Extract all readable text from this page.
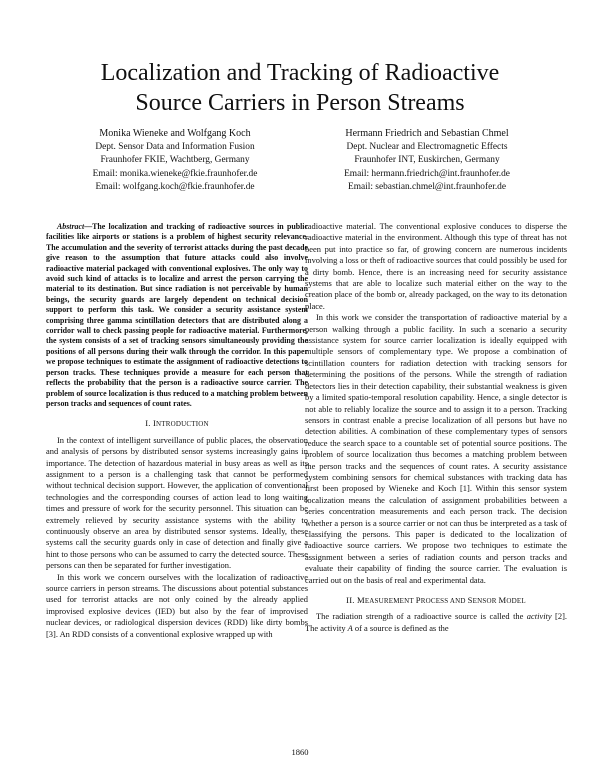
Localization and Tracking of Radioactive
Source Carriers in Person Streams
Monika Wieneke and Wolfgang Koch
Dept. Sensor Data and Information Fusion
Fraunhofer FKIE, Wachtberg, Germany
Email: monika.wieneke@fkie.fraunhofer.de
Email: wolfgang.koch@fkie.fraunhofer.de
Hermann Friedrich and Sebastian Chmel
Dept. Nuclear and Electromagnetic Effects
Fraunhofer INT, Euskirchen, Germany
Email: hermann.friedrich@int.fraunhofer.de
Email: sebastian.chmel@int.fraunhofer.de

Abstract—The localization and tracking of radioactive sources in public facilities like airports or stations is a problem of highest security relevance. The accumulation and the severity of terrorist attacks during the past decade give reason to the assumption that future attacks could also involve radioactive material packaged with conventional explosives. The only way to avoid such kind of attacks is to localize and arrest the person carrying the material to its destination. But since radiation is not perceivable by human beings, the security guards are largely dependent on technical decision support to perform this task. We consider a security assistance system comprising three gamma scintillation detectors that are distributed along a corridor wall to check passing people for radioactive material. Furthermore, the system consists of a set of tracking sensors simultaneously providing the positions of all persons during their walk through the corridor. In this paper we propose techniques to estimate the assignment of radioactive detections to person tracks. These techniques provide a measure for each person that reflects the probability that the person is a radioactive source carrier. The problem of source localization is thus reduced to a matching problem between person tracks and sequences of count rates.

I. INTRODUCTION

In the context of intelligent surveillance of public places, the observation and analysis of persons by distributed sensor systems increasingly gains in importance. The detection of hazardous material in busy areas as well as its assignment to a person is a challenging task that cannot be performed without technical decision support. However, the application of conventional technologies and the corresponding courses of action lead to long waiting times and pressure of work for the security personnel. This situation can be extremely relieved by security assistance systems with the ability to continuously observe an area by distributed sensor systems. Ideally, these systems call the security guards only in case of detection and finally give a hint to those persons who can be assumed to carry the detected source. These persons can then be separated for further investigation.

In this work we concern ourselves with the localization of radioactive source carriers in person streams. The discussions about potential substances used for terrorist attacks are not only coined by the already applied improvised explosive devices (IED) but also by the fear of improvised nuclear devices, or radiological dispersion devices (RDD) like dirty bombs [3]. An RDD consists of a conventional explosive wrapped up with

radioactive material. The conventional explosive conduces to disperse the radioactive material in the environment. Although this type of threat has not been put into practice so far, of growing concern are numerous incidents involving a loss or theft of radioactive sources that could possibly be used for a dirty bomb. Hence, there is an increasing need for security assistance systems that are able to localize such material either on the way to the creation place of the bomb or, already packaged, on the way to its detonation place.

In this work we consider the transportation of radioactive material by a person walking through a public facility. In such a scenario a security assistance system for source carrier localization is ideally equipped with multiple sensors of complementary type. We propose a combination of scintillation counters for radiation detection with tracking sensors for determining the positions of the persons. While the strength of radiation detectors lies in their detection capability, their substantial weakness is given by a limited spatio-temporal resolution capability. Hence, a single detector is not able to reliably localize the source and to assign it to a person. Tracking sensors in contrast enable a precise localization of all persons but have no detection abilities. A combination of these complementary types of sensors reduce the search space to a countable set of potential source positions. The problem of source localization thus becomes a matching problem between the person tracks and the sequences of count rates. A security assistance system combining sensors for chemical substances with tracking data has first been proposed by Wieneke and Koch [1]. Within this sensor system localization means the calculation of assignment probabilities between a series concentration measurements and each person track. The decision whether a person is a source carrier or not can thus be interpreted as a task of classifying the persons. This paper is dedicated to the localization of radioactive source carriers. We propose two techniques to estimate the assignment between a series of radiation counts and person tracks and evaluate their capability of finding the source carrier. The evaluation is carried out on the basis of real and experimental data.

II. MEASUREMENT PROCESS AND SENSOR MODEL

The radiation strength of a radioactive source is called the activity [2]. The activity A of a source is defined as the

1860
